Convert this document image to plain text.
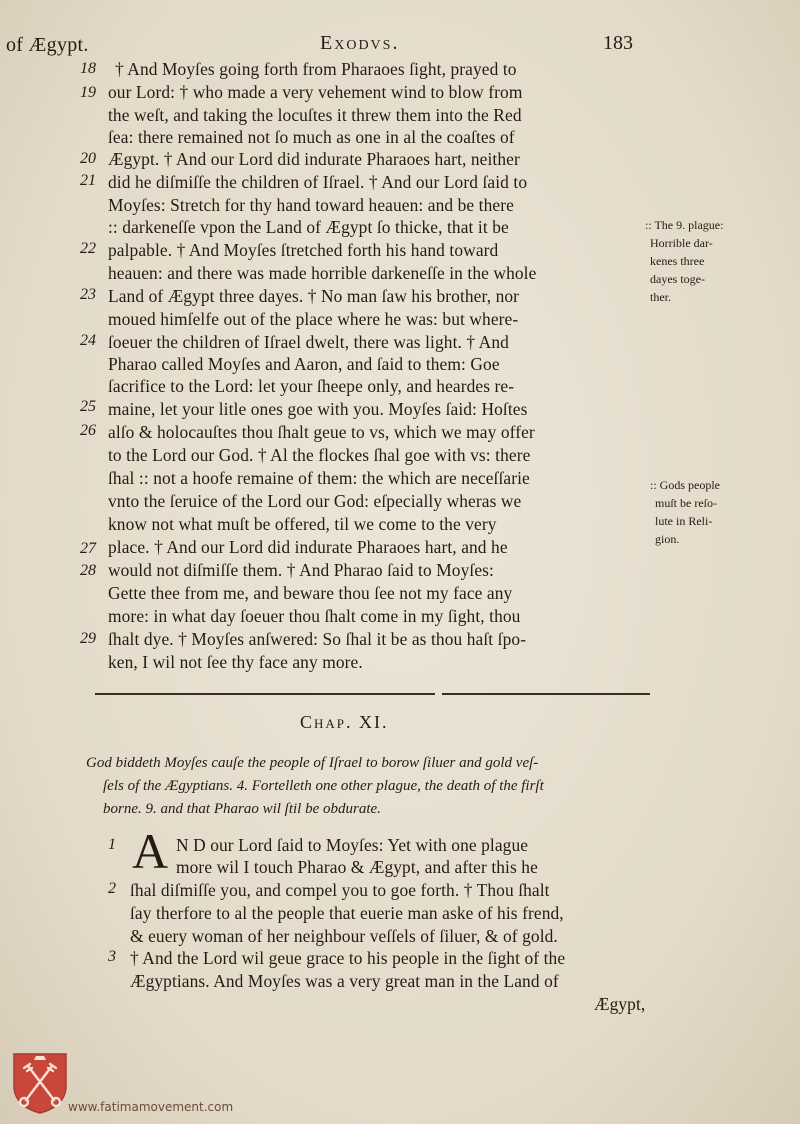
of Ægypt.	Exodvs.	183
18
19
20
21
22
23
24
25
26
27
28
29
† And Moyſes going forth from Pharaoes ſight, prayed to
our Lord: † who made a very vehement wind to blow from
the weſt, and taking the locuſtes it threw them into the Red
ſea: there remained not ſo much as one in al the coaſtes of
Ægypt. † And our Lord did indurate Pharaoes hart, neither
did he diſmiſſe the children of Iſrael. † And our Lord ſaid to
Moyſes: Stretch for thy hand toward heauen: and be there
:: darkeneſſe vpon the Land of Ægypt ſo thicke, that it be
palpable. † And Moyſes ſtretched forth his hand toward
heauen: and there was made horrible darkeneſſe in the whole
Land of Ægypt three dayes. † No man ſaw his brother, nor
moued himſelfe out of the place where he was: but where-
ſoeuer the children of Iſrael dwelt, there was light. † And
Pharao called Moyſes and Aaron, and ſaid to them: Goe
ſacrifice to the Lord: let your ſheepe only, and heardes re-
maine, let your litle ones goe with you. Moyſes ſaid: Hoſtes
alſo & holocauſtes thou ſhalt geue to vs, which we may offer
to the Lord our God. † Al the flockes ſhal goe with vs: there
ſhal :: not a hoofe remaine of them: the which are neceſſarie
vnto the ſeruice of the Lord our God: eſpecially wheras we
know not what muſt be offered, til we come to the very
place. † And our Lord did indurate Pharaoes hart, and he
would not diſmiſſe them. † And Pharao ſaid to Moyſes:
Gette thee from me, and beware thou ſee not my face any
more: in what day ſoeuer thou ſhalt come in my ſight, thou
ſhalt dye. † Moyſes anſwered: So ſhal it be as thou haſt ſpo-
ken, I wil not ſee thy face any more.
:: The 9. plague:
Horrible dar-
kenes three
dayes toge-
ther.
:: Gods people
muſt be reſo-
lute in Reli-
gion.
Chap. XI.
God biddeth Moyſes cauſe the people of Iſrael to borow ſiluer and gold veſ-
ſels of the Ægyptians. 4. Fortelleth one other plague, the death of the firſt
borne. 9. and that Pharao wil ſtil be obdurate.
1
2
3
A N D our Lord ſaid to Moyſes: Yet with one plague
more wil I touch Pharao & Ægypt, and after this he
ſhal diſmiſſe you, and compel you to goe forth. † Thou ſhalt
ſay therfore to al the people that euerie man aske of his frend,
& euery woman of her neighbour veſſels of ſiluer, & of gold.
† And the Lord wil geue grace to his people in the ſight of the
Ægyptians. And Moyſes was a very great man in the Land of
Ægypt,
www.fatimamovement.com
